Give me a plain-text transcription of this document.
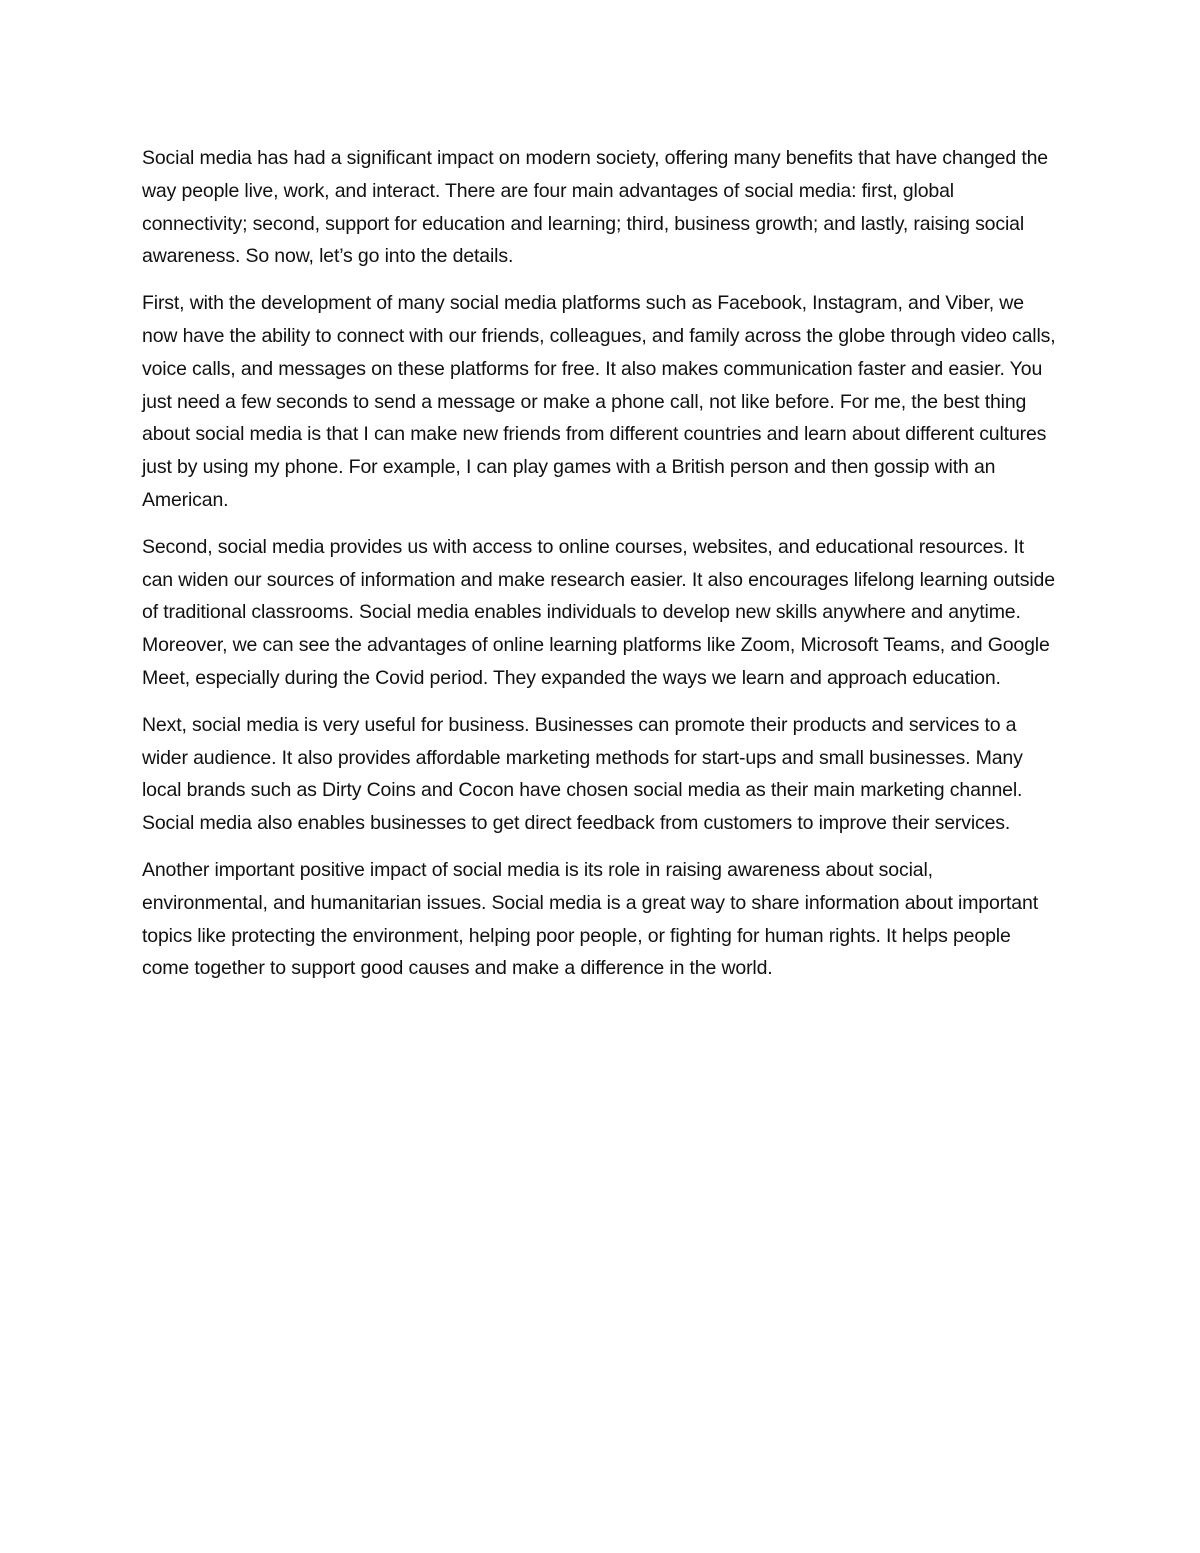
Social media has had a significant impact on modern society, offering many benefits that have changed the way people live, work, and interact. There are four main advantages of social media: first, global connectivity; second, support for education and learning; third, business growth; and lastly, raising social awareness. So now, let’s go into the details.

First, with the development of many social media platforms such as Facebook, Instagram, and Viber, we now have the ability to connect with our friends, colleagues, and family across the globe through video calls, voice calls, and messages on these platforms for free. It also makes communication faster and easier. You just need a few seconds to send a message or make a phone call, not like before. For me, the best thing about social media is that I can make new friends from different countries and learn about different cultures just by using my phone. For example, I can play games with a British person and then gossip with an American.

Second, social media provides us with access to online courses, websites, and educational resources. It can widen our sources of information and make research easier. It also encourages lifelong learning outside of traditional classrooms. Social media enables individuals to develop new skills anywhere and anytime. Moreover, we can see the advantages of online learning platforms like Zoom, Microsoft Teams, and Google Meet, especially during the Covid period. They expanded the ways we learn and approach education.

Next, social media is very useful for business. Businesses can promote their products and services to a wider audience. It also provides affordable marketing methods for start-ups and small businesses. Many local brands such as Dirty Coins and Cocon have chosen social media as their main marketing channel. Social media also enables businesses to get direct feedback from customers to improve their services.

Another important positive impact of social media is its role in raising awareness about social, environmental, and humanitarian issues. Social media is a great way to share information about important topics like protecting the environment, helping poor people, or fighting for human rights. It helps people come together to support good causes and make a difference in the world.
